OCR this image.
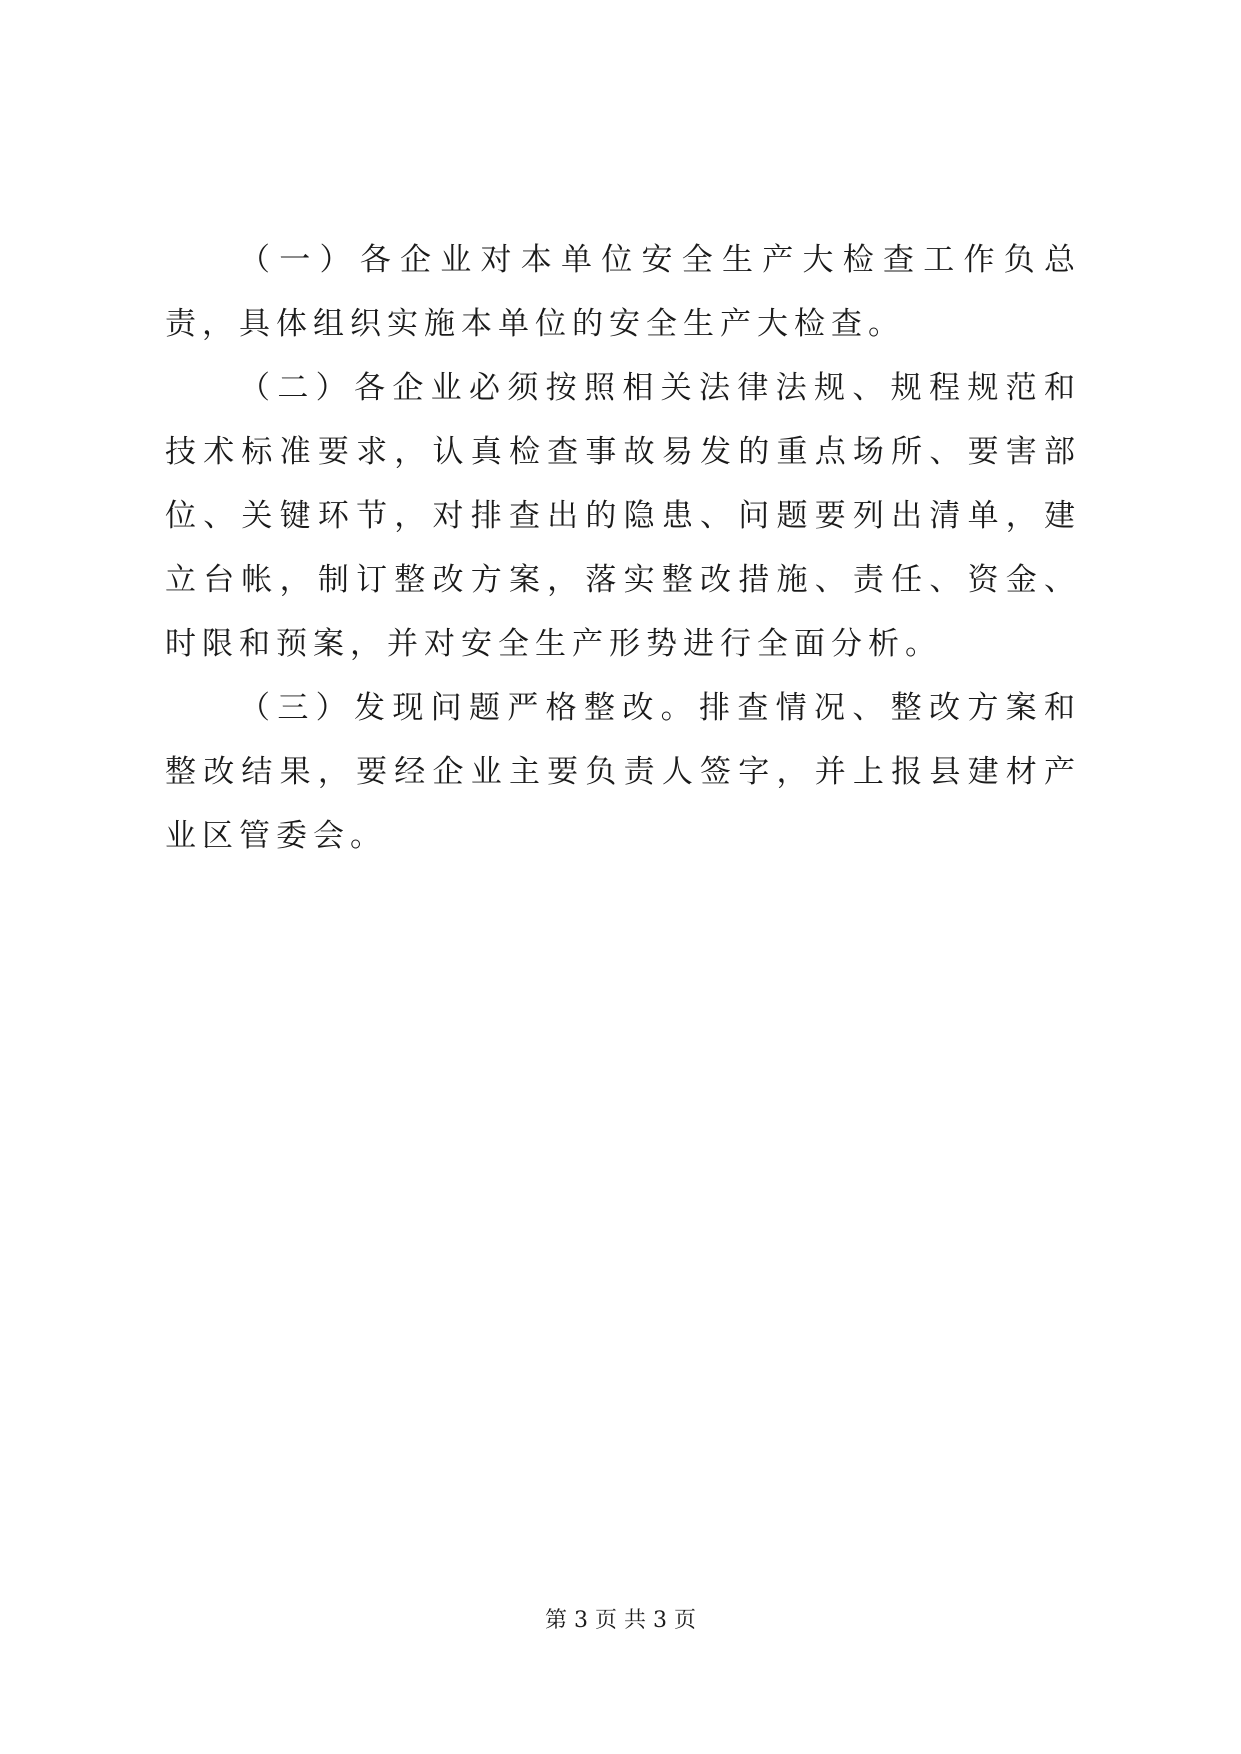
（一）各企业对本单位安全生产大检查工作负总责，具体组织实施本单位的安全生产大检查。

（二）各企业必须按照相关法律法规、规程规范和技术标准要求，认真检查事故易发的重点场所、要害部位、关键环节，对排查出的隐患、问题要列出清单，建立台帐，制订整改方案，落实整改措施、责任、资金、时限和预案，并对安全生产形势进行全面分析。

（三）发现问题严格整改。排查情况、整改方案和整改结果，要经企业主要负责人签字，并上报县建材产业区管委会。

第 3 页 共 3 页
